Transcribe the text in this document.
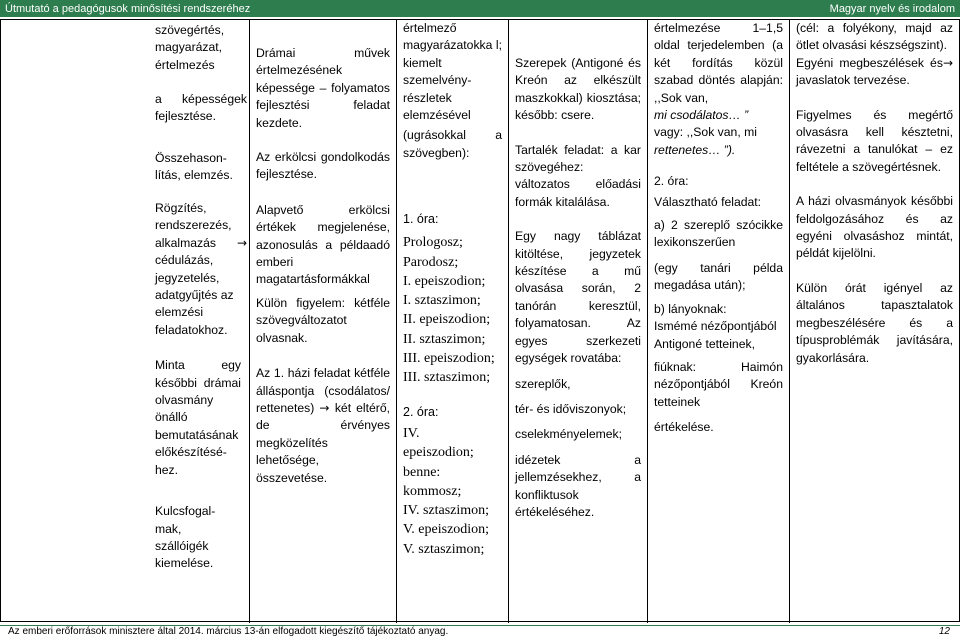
Útmutató a pedagógusok minősítési rendszeréhez	Magyar nyelv és irodalom

szövegértés, magyarázat, értelmezés

a képességek fejlesztése.

Összehason-lítás, elemzés.

Rögzítés, rendszerezés, alkalmazás →

cédulázás, jegyzetelés, adatgyűjtés az elemzési feladatokhoz.

Minta egy későbbi drámai olvasmány önálló bemutatásának előkészítésé-hez.

Kulcsfogal-mak, szállóigék kiemelése.

Drámai művek értelmezésének képessége – folyamatos fejlesztési feladat kezdete.

Az erkölcsi gondolkodás fejlesztése.

Alapvető erkölcsi értékek megjelenése, azonosulás a példaadó emberi magatartásformákkal

Külön figyelem: kétféle szövegváltozatot olvasnak.

Az 1. házi feladat kétféle álláspontja (csodálatos/ rettenetes) → két eltérő, de érvényes megközelítés lehetősége, összevetése.

értelmező magyarázatokka l; kiemelt szemelvény-részletek elemzésével

(ugrásokkal a szövegben):

1. óra:

Prologosz;

Parodosz;

I. epeiszodion;

I. sztaszimon;

II. epeiszodion;

II. sztaszimon;

III. epeiszodion;

III. sztaszimon;

2. óra:

IV. epeiszodion; benne: kommosz;

IV. sztaszimon;

V. epeiszodion;

V. sztaszimon;

Szerepek (Antigoné és Kreón az elkészült maszkokkal) kiosztása; később: csere.

Tartalék feladat: a kar szövegéhez: változatos előadási formák kitalálása.

Egy nagy táblázat kitöltése, jegyzetek készítése a mű olvasása során, 2 tanórán keresztül, folyamatosan. Az egyes szerkezeti egységek rovatába:

szereplők,

tér- és időviszonyok;

cselekményelemek;

idézetek a jellemzésekhez, a konfliktusok értékeléséhez.

értelmezése 1–1,5 oldal terjedelemben (a két fordítás közül szabad döntés alapján: ,,Sok van,

mi csodálatos… ”

vagy: ,,Sok van, mi

rettenetes… ”).

2. óra:

Választható feladat:

a) 2 szereplő szócikke lexikonszerűen

(egy tanári példa megadása után);

b) lányoknak:

Ismémé nézőpontjából Antigoné tetteinek,

fiúknak: Haimón nézőpontjából Kreón tetteinek

értékelése.

(cél: a folyékony, majd az ötlet olvasási készségszint).
→

Egyéni megbeszélések és javaslatok tervezése.

Figyelmes és megértő olvasásra kell késztetni, rávezetni a tanulókat – ez feltétele a szövegértésnek.

A házi olvasmányok későbbi feldolgozásához és az egyéni olvasáshoz mintát, példát kijelölni.

Külön órát igényel az általános tapasztalatok megbeszélésére és a típusproblémák javítására, gyakorlására.

Az emberi erőforrások minisztere által 2014. március 13-án elfogadott kiegészítő tájékoztató anyag.	12
